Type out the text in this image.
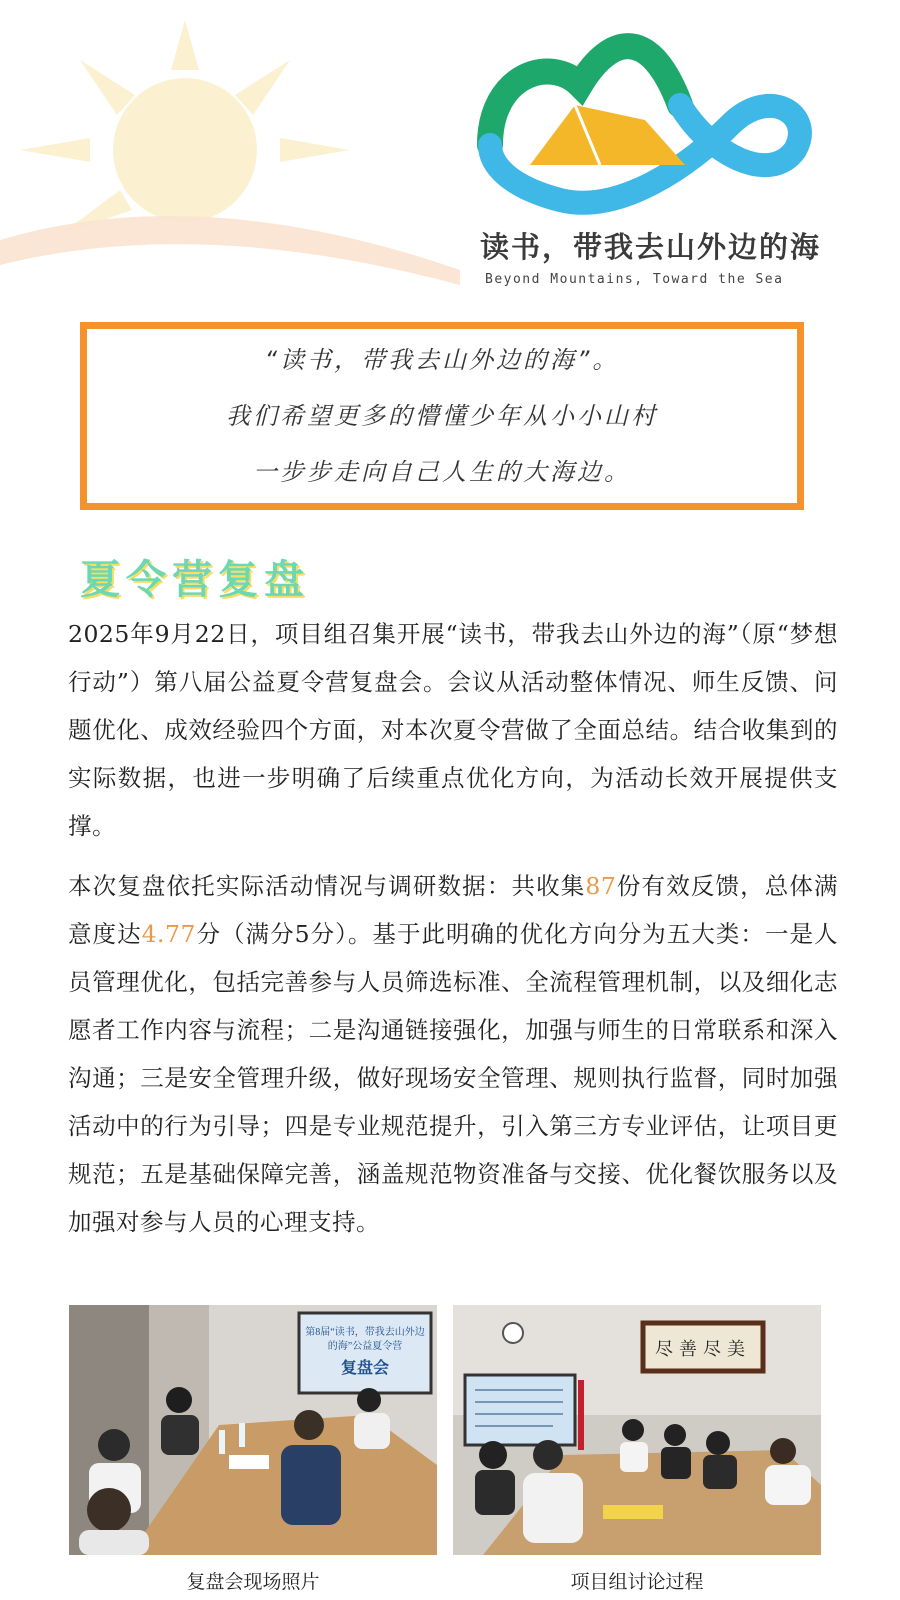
读书，带我去山外边的海
Beyond Mountains, Toward the Sea
“读书，带我去山外边的海”。
我们希望更多的懵懂少年从小小山村
一步步走向自己人生的大海边。
夏令营复盘

2025年9月22日，项目组召集开展“读书，带我去山外边的海”（原“梦想行动”）第八届公益夏令营复盘会。会议从活动整体情况、师生反馈、问题优化、成效经验四个方面，对本次夏令营做了全面总结。结合收集到的实际数据，也进一步明确了后续重点优化方向，为活动长效开展提供支撑。

本次复盘依托实际活动情况与调研数据：共收集87份有效反馈，总体满意度达4.77分（满分5分）。基于此明确的优化方向分为五大类：一是人员管理优化，包括完善参与人员筛选标准、全流程管理机制，以及细化志愿者工作内容与流程；二是沟通链接强化，加强与师生的日常联系和深入沟通；三是安全管理升级，做好现场安全管理、规则执行监督，同时加强活动中的行为引导；四是专业规范提升，引入第三方专业评估，让项目更规范；五是基础保障完善，涵盖规范物资准备与交接、优化餐饮服务以及加强对参与人员的心理支持。

第8届“读书，带我去山外边
的海”公益夏令营
复盘会
尽善尽美
复盘会现场照片	项目组讨论过程
